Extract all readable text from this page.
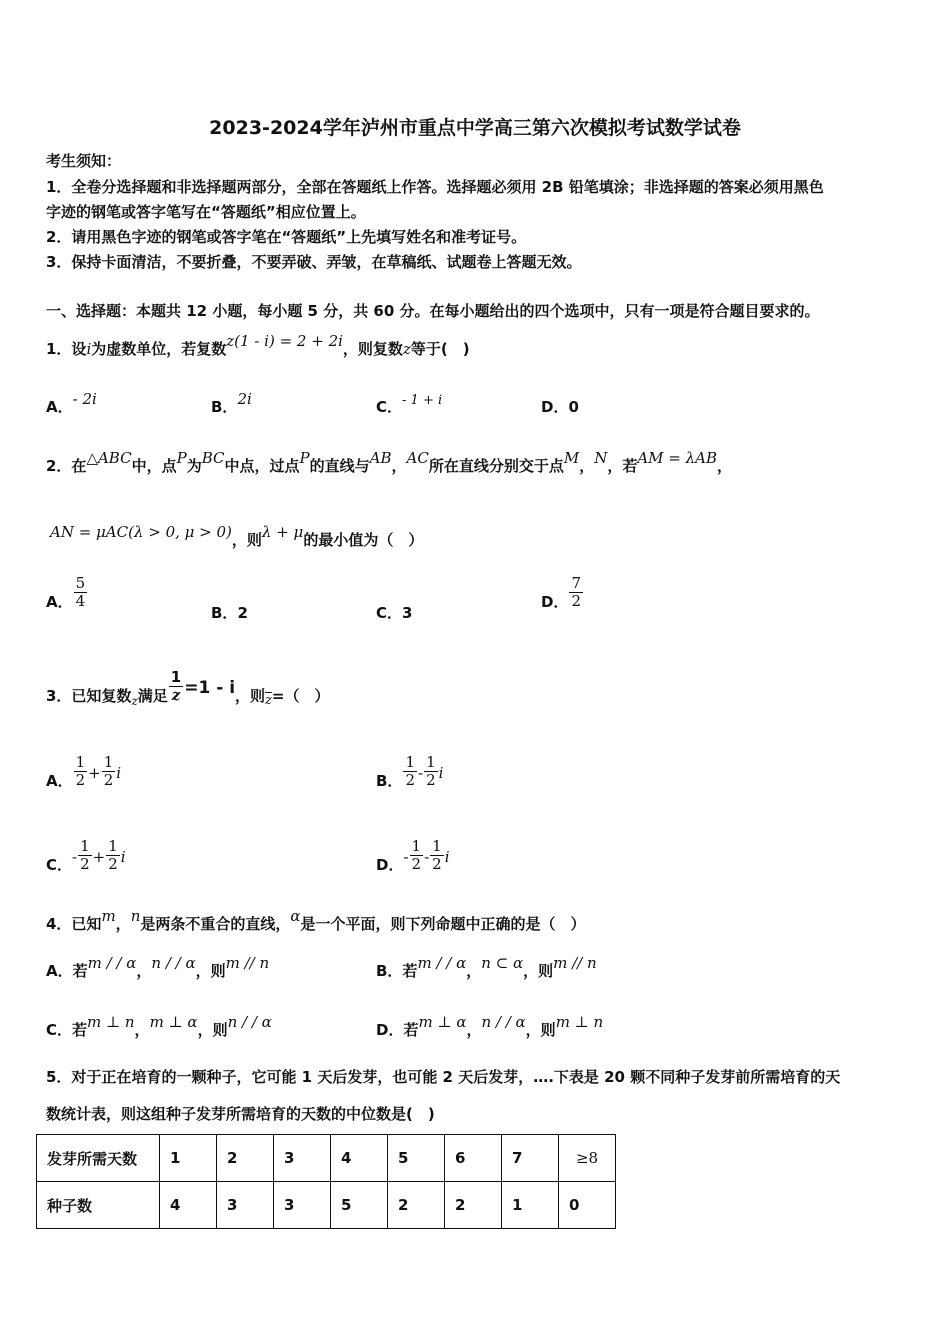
2023-2024学年泸州市重点中学高三第六次模拟考试数学试卷
考生须知：
1．全卷分选择题和非选择题两部分，全部在答题纸上作答。选择题必须用 2B 铅笔填涂；非选择题的答案必须用黑色
字迹的钢笔或答字笔写在“答题纸”相应位置上。
2．请用黑色字迹的钢笔或答字笔在“答题纸”上先填写姓名和准考证号。
3．保持卡面清洁，不要折叠，不要弄破、弄皱，在草稿纸、试题卷上答题无效。
一、选择题：本题共 12 小题，每小题 5 分，共 60 分。在每小题给出的四个选项中，只有一项是符合题目要求的。
1．设i为虚数单位，若复数z(1 - i) = 2 + 2i，则复数z等于(　)
A．- 2i	B．2i	C．- 1 + i	D．0
2．在△ABC中，点P为BC中点，过点P的直线与AB，AC所在直线分别交于点M，N，若AM = λAB，
AN = μAC(λ > 0, μ > 0)，则λ + μ的最小值为（　）
A． $\frac{5}{4}$
B．2	C．3
D． $\frac{7}{2}$
3．已知复数$_z$满足 $\frac{1}{z} =1 - i$，则$\overline{z}=$（　）
A． $\frac{1}{2} + \frac{1}{2}$ i	B． $\frac{1}{2} - \frac{1}{2}$ i
C．- $\frac{1}{2} + \frac{1}{2}$ i	D．- $\frac{1}{2} - \frac{1}{2}$ i
4．已知m，n是两条不重合的直线，α是一个平面，则下列命题中正确的是（　）
A．若m / / α，n / / α，则m // n	B．若m / / α，n ⊂ α，则m // n
C．若m ⊥ n，m ⊥ α，则n / / α	D．若m ⊥ α，n / / α，则m ⊥ n
5．对于正在培育的一颗种子，它可能 1 天后发芽，也可能 2 天后发芽，….下表是 20 颗不同种子发芽前所需培育的天
数统计表，则这组种子发芽所需培育的天数的中位数是(　)
发芽所需天数	1	2	3	4	5	6	7	≥8
种子数	4	3	3	5	2	2	1	0
